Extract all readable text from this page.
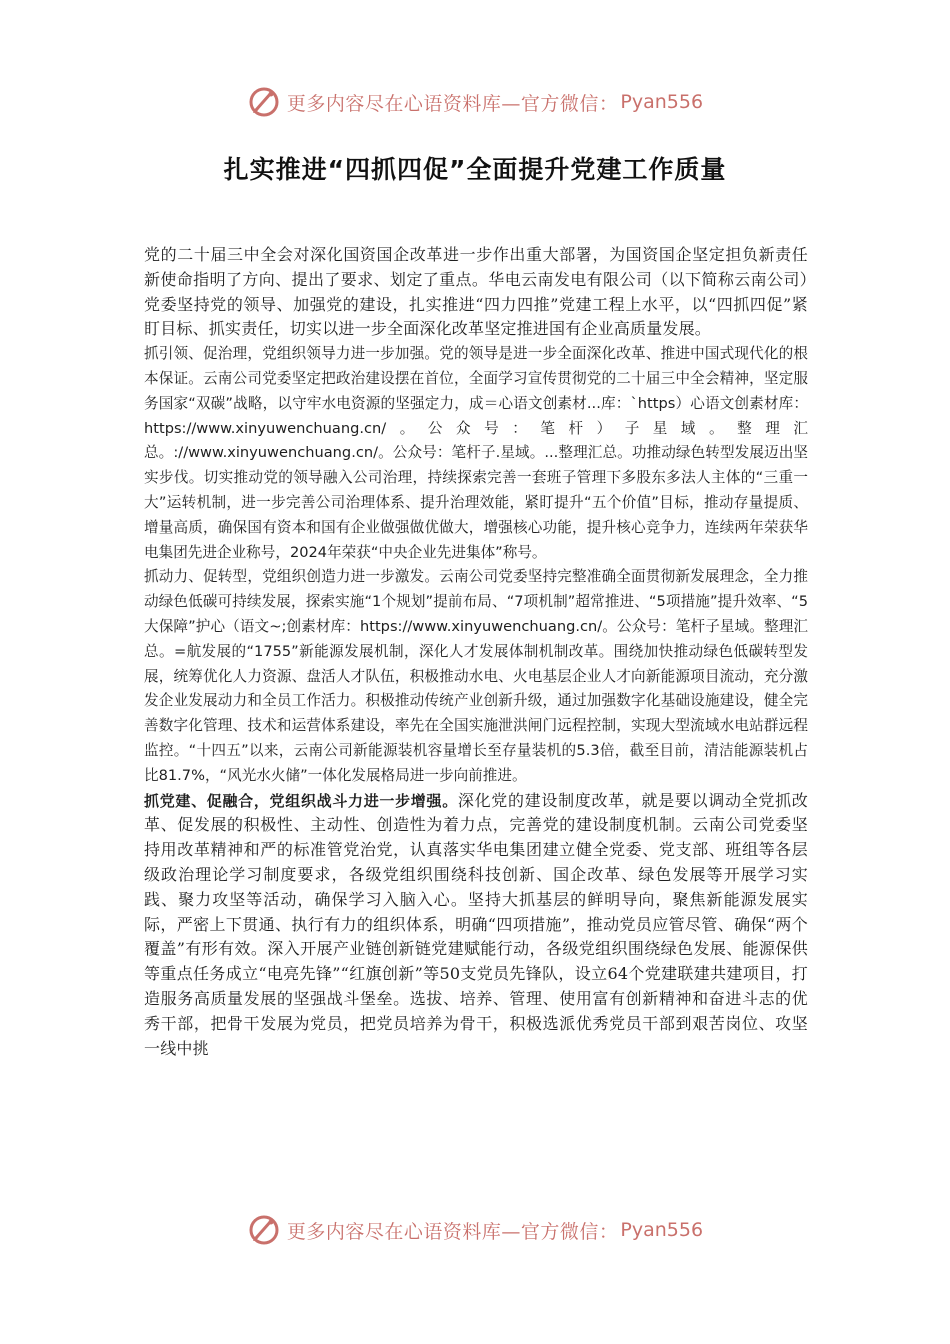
更多内容尽在心语资料库—官方微信： Pyan556
扎实推进“四抓四促”全面提升党建工作质量

党的二十届三中全会对深化国资国企改革进一步作出重大部署，为国资国企坚定担负新责任新使命指明了方向、提出了要求、划定了重点。华电云南发电有限公司（以下简称云南公司）党委坚持党的领导、加强党的建设，扎实推进“四力四推”党建工程上水平，以“四抓四促”紧盯目标、抓实责任，切实以进一步全面深化改革坚定推进国有企业高质量发展。

抓引领、促治理，党组织领导力进一步加强。党的领导是进一步全面深化改革、推进中国式现代化的根本保证。云南公司党委坚定把政治建设摆在首位，全面学习宣传贯彻党的二十届三中全会精神，坚定服务国家“双碳”战略，以守牢水电资源的坚强定力，成＝心语文创素材...库：`https）心语文创素材库：https://www.xinyuwenchuang.cn/。公众号：笔杆）子星域。整理汇总。://www.xinyuwenchuang.cn/。公众号：笔杆子.星域。...整理汇总。功推动绿色转型发展迈出坚实步伐。切实推动党的领导融入公司治理，持续探索完善一套班子管理下多股东多法人主体的“三重一大”运转机制，进一步完善公司治理体系、提升治理效能，紧盯提升“五个价值”目标，推动存量提质、增量高质，确保国有资本和国有企业做强做优做大，增强核心功能，提升核心竞争力，连续两年荣获华电集团先进企业称号，2024年荣获“中央企业先进集体”称号。

抓动力、促转型，党组织创造力进一步激发。云南公司党委坚持完整准确全面贯彻新发展理念，全力推动绿色低碳可持续发展，探索实施“1个规划”提前布局、“7项机制”超常推进、“5项措施”提升效率、“5大保障”护心（语文~;创素材库：https://www.xinyuwenchuang.cn/。公众号：笔杆子星域。整理汇总。=航发展的“1755”新能源发展机制，深化人才发展体制机制改革。围绕加快推动绿色低碳转型发展，统筹优化人力资源、盘活人才队伍，积极推动水电、火电基层企业人才向新能源项目流动，充分激发企业发展动力和全员工作活力。积极推动传统产业创新升级，通过加强数字化基础设施建设，健全完善数字化管理、技术和运营体系建设，率先在全国实施泄洪闸门远程控制，实现大型流域水电站群远程监控。“十四五”以来，云南公司新能源装机容量增长至存量装机的5.3倍，截至目前，清洁能源装机占比81.7%，“风光水火储”一体化发展格局进一步向前推进。

抓党建、促融合，党组织战斗力进一步增强。深化党的建设制度改革，就是要以调动全党抓改革、促发展的积极性、主动性、创造性为着力点，完善党的建设制度机制。云南公司党委坚持用改革精神和严的标准管党治党，认真落实华电集团建立健全党委、党支部、班组等各层级政治理论学习制度要求，各级党组织围绕科技创新、国企改革、绿色发展等开展学习实践、聚力攻坚等活动，确保学习入脑入心。坚持大抓基层的鲜明导向，聚焦新能源发展实际，严密上下贯通、执行有力的组织体系，明确“四项措施”，推动党员应管尽管、确保“两个覆盖”有形有效。深入开展产业链创新链党建赋能行动，各级党组织围绕绿色发展、能源保供等重点任务成立“电亮先锋”“红旗创新”等50支党员先锋队，设立64个党建联建共建项目，打造服务高质量发展的坚强战斗堡垒。选拔、培养、管理、使用富有创新精神和奋进斗志的优秀干部，把骨干发展为党员，把党员培养为骨干，积极选派优秀党员干部到艰苦岗位、攻坚一线中挑

更多内容尽在心语资料库—官方微信： Pyan556
